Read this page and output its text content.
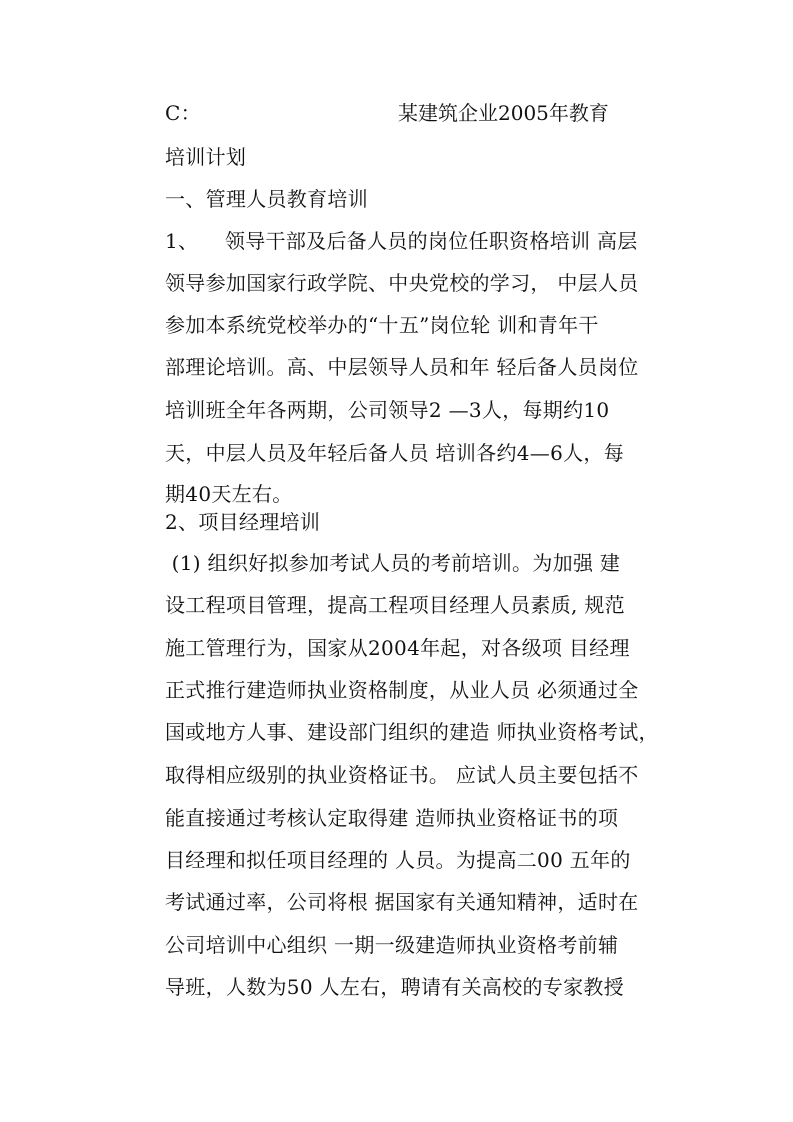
C：	某建筑企业2005年教育
培训计划
一、管理人员教育培训
1、    领导干部及后备人员的岗位任职资格培训 高层
领导参加国家行政学院、中央党校的学习， 中层人员
参加本系统党校举办的“十五”岗位轮 训和青年干
部理论培训。高、中层领导人员和年 轻后备人员岗位
培训班全年各两期，公司领导2 —3人，每期约10
天，中层人员及年轻后备人员 培训各约4—6人，每
期40天左右。
2、项目经理培训
(1) 组织好拟参加考试人员的考前培训。为加强 建
设工程项目管理，提高工程项目经理人员素质, 规范
施工管理行为，国家从2004年起，对各级项 目经理
正式推行建造师执业资格制度，从业人员 必须通过全
国或地方人事、建设部门组织的建造 师执业资格考试，
取得相应级别的执业资格证书。 应试人员主要包括不
能直接通过考核认定取得建 造师执业资格证书的项
目经理和拟任项目经理的 人员。为提高二00 五年的
考试通过率，公司将根 据国家有关通知精神，适时在
公司培训中心组织 一期一级建造师执业资格考前辅
导班，人数为50 人左右，聘请有关高校的专家教授
